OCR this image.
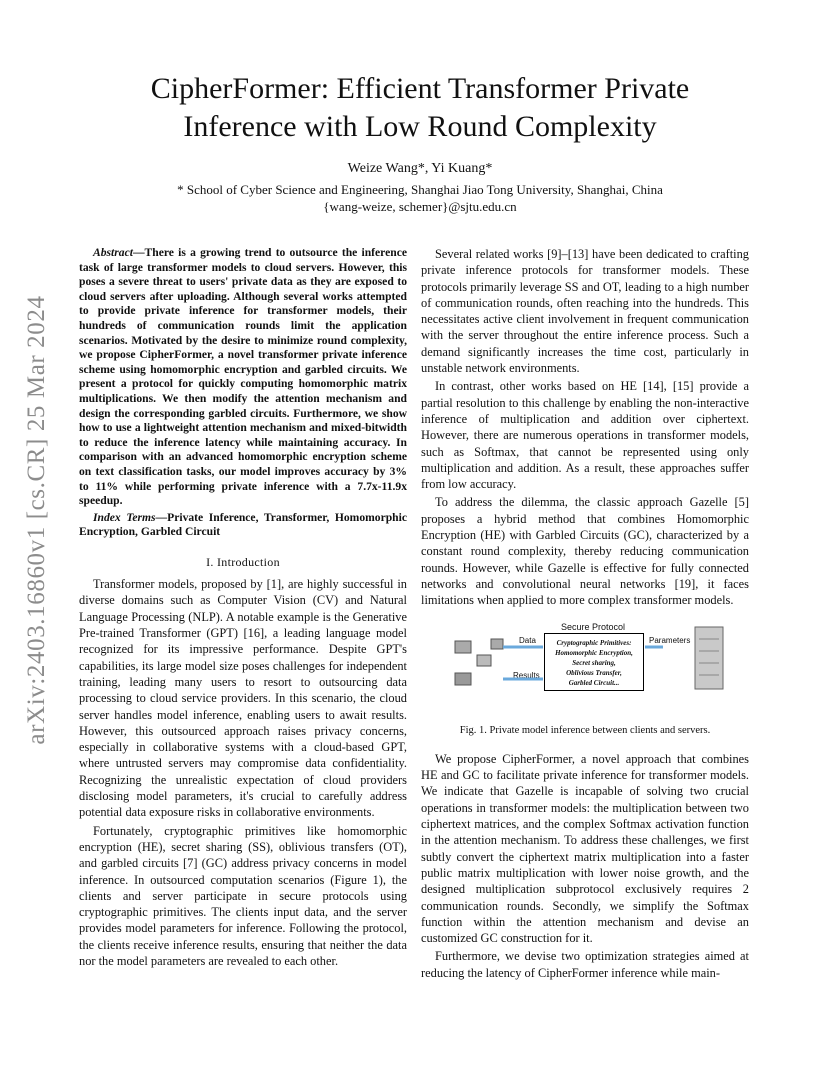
arXiv:2403.16860v1 [cs.CR] 25 Mar 2024
CipherFormer: Efficient Transformer Private
Inference with Low Round Complexity
Weize Wang*, Yi Kuang*
* School of Cyber Science and Engineering, Shanghai Jiao Tong University, Shanghai, China
{wang-weize, schemer}@sjtu.edu.cn

Abstract—There is a growing trend to outsource the inference task of large transformer models to cloud servers. However, this poses a severe threat to users' private data as they are exposed to cloud servers after uploading. Although several works attempted to provide private inference for transformer models, their hundreds of communication rounds limit the application scenarios. Motivated by the desire to minimize round complexity, we propose CipherFormer, a novel transformer private inference scheme using homomorphic encryption and garbled circuits. We present a protocol for quickly computing homomorphic matrix multiplications. We then modify the attention mechanism and design the corresponding garbled circuits. Furthermore, we show how to use a lightweight attention mechanism and mixed-bitwidth to reduce the inference latency while maintaining accuracy. In comparison with an advanced homomorphic encryption scheme on text classification tasks, our model improves accuracy by 3% to 11% while performing private inference with a 7.7x-11.9x speedup.

Index Terms—Private Inference, Transformer, Homomorphic Encryption, Garbled Circuit

I. Introduction

Transformer models, proposed by [1], are highly successful in diverse domains such as Computer Vision (CV) and Natural Language Processing (NLP). A notable example is the Generative Pre-trained Transformer (GPT) [16], a leading language model recognized for its impressive performance. Despite GPT's capabilities, its large model size poses challenges for independent training, leading many users to resort to outsourcing data processing to cloud service providers. In this scenario, the cloud server handles model inference, enabling users to await results. However, this outsourced approach raises privacy concerns, especially in collaborative systems with a cloud-based GPT, where untrusted servers may compromise data confidentiality. Recognizing the unrealistic expectation of cloud providers disclosing model parameters, it's crucial to carefully address potential data exposure risks in collaborative environments.

Fortunately, cryptographic primitives like homomorphic encryption (HE), secret sharing (SS), oblivious transfers (OT), and garbled circuits [7] (GC) address privacy concerns in model inference. In outsourced computation scenarios (Figure 1), the clients and server participate in secure protocols using cryptographic primitives. The clients input data, and the server provides model parameters for inference. Following the protocol, the clients receive inference results, ensuring that neither the data nor the model parameters are revealed to each other.

Several related works [9]–[13] have been dedicated to crafting private inference protocols for transformer models. These protocols primarily leverage SS and OT, leading to a high number of communication rounds, often reaching into the hundreds. This necessitates active client involvement in frequent communication with the server throughout the entire inference process. Such a demand significantly increases the time cost, particularly in unstable network environments.

In contrast, other works based on HE [14], [15] provide a partial resolution to this challenge by enabling the non-interactive inference of multiplication and addition over ciphertext. However, there are numerous operations in transformer models, such as Softmax, that cannot be represented using only multiplication and addition. As a result, these approaches suffer from low accuracy.

To address the dilemma, the classic approach Gazelle [5] proposes a hybrid method that combines Homomorphic Encryption (HE) with Garbled Circuits (GC), characterized by a constant round complexity, thereby reducing communication rounds. However, while Gazelle is effective for fully connected networks and convolutional neural networks [19], it faces limitations when applied to more complex transformer models.

Secure Protocol
Data
Results
Parameters
Cryptographic Primitives:
Homomorphic Encryption,
Secret sharing,
Oblivious Transfer,
Garbled Circuit...
Fig. 1. Private model inference between clients and servers.

We propose CipherFormer, a novel approach that combines HE and GC to facilitate private inference for transformer models. We indicate that Gazelle is incapable of solving two crucial operations in transformer models: the multiplication between two ciphertext matrices, and the complex Softmax activation function in the attention mechanism. To address these challenges, we first subtly convert the ciphertext matrix multiplication into a faster public matrix multiplication with lower noise growth, and the designed multiplication subprotocol exclusively requires 2 communication rounds. Secondly, we simplify the Softmax function within the attention mechanism and devise an customized GC construction for it.

Furthermore, we devise two optimization strategies aimed at reducing the latency of CipherFormer inference while main-
